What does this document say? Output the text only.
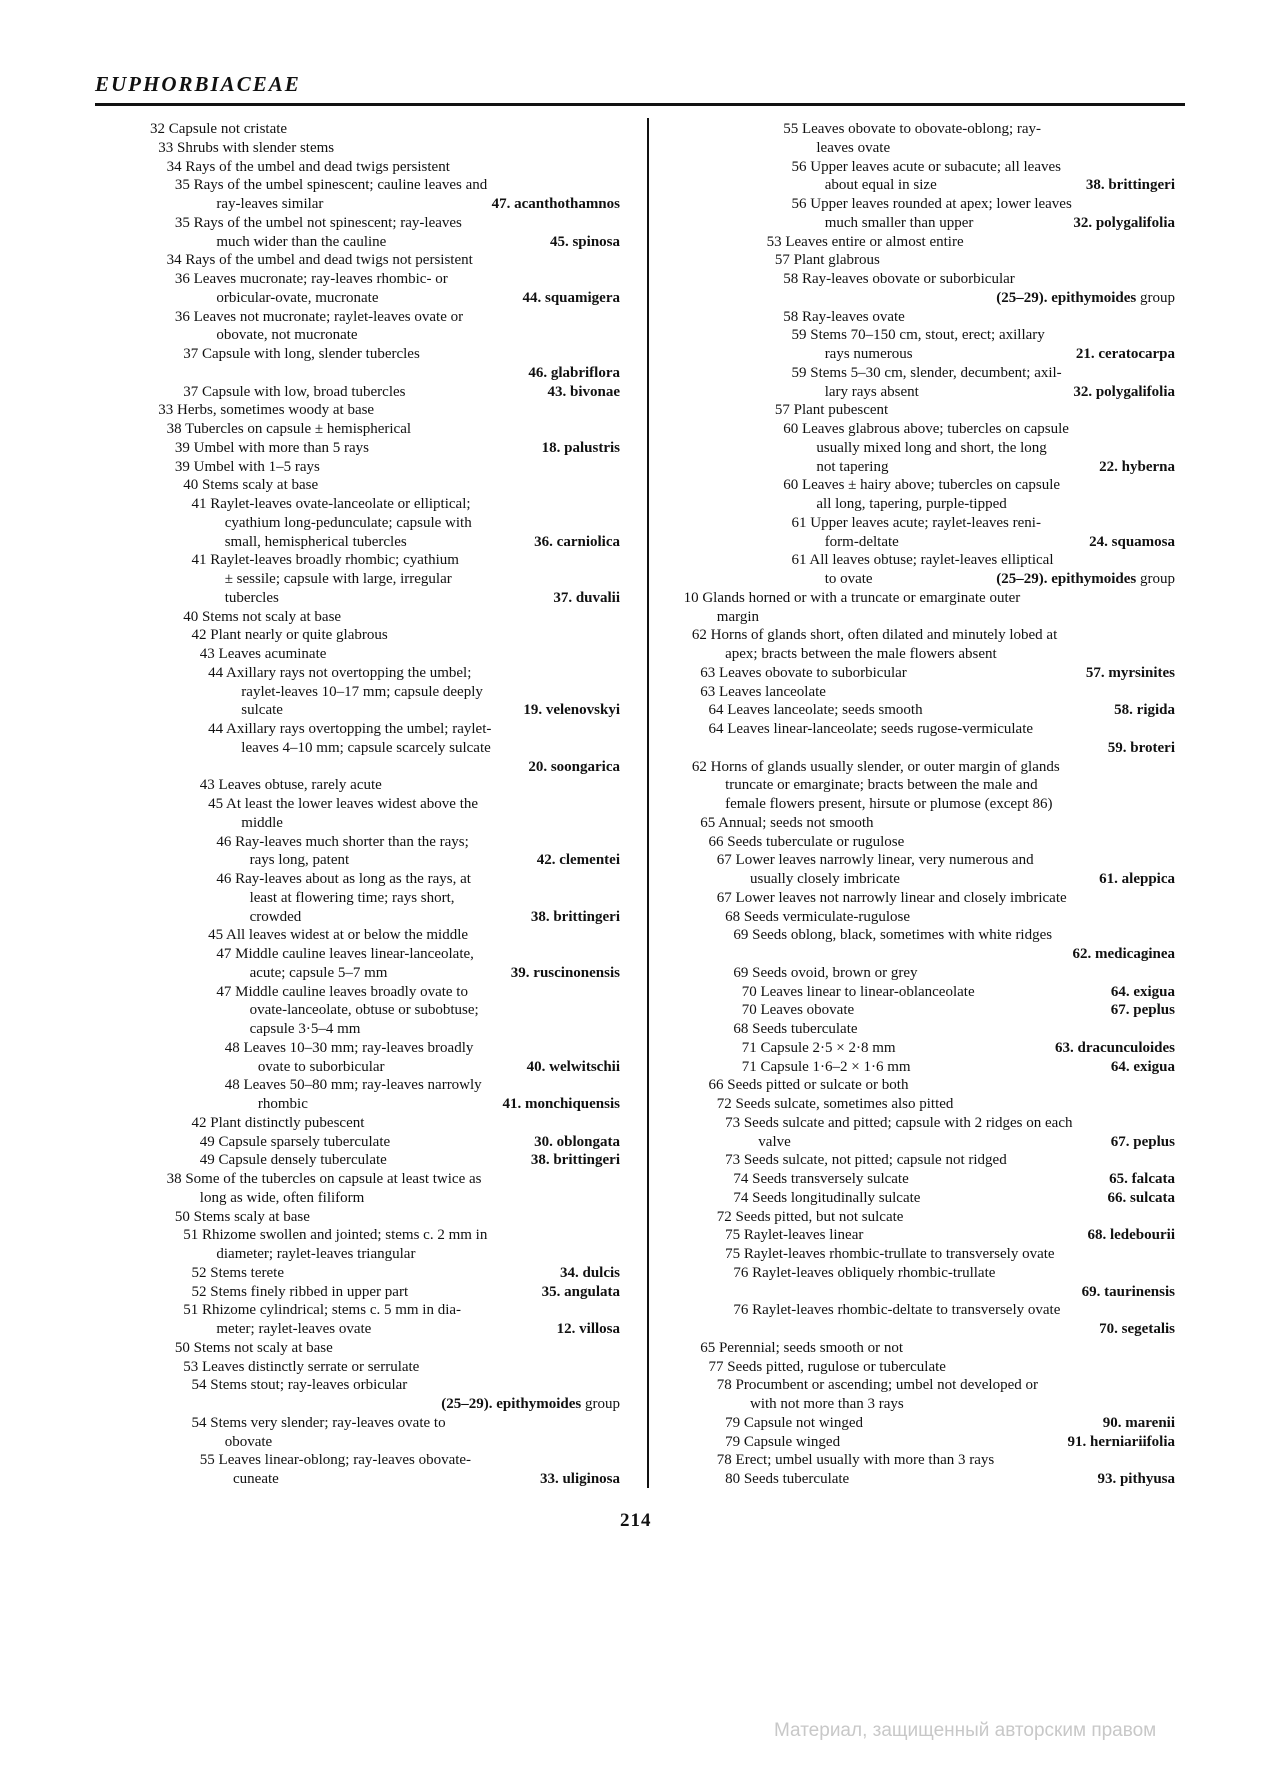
EUPHORBIACEAE
32 Capsule not cristate
33 Shrubs with slender stems
34 Rays of the umbel and dead twigs persistent
35 Rays of the umbel spinescent; cauline leaves and
ray-leaves similar	47. acanthothamnos
35 Rays of the umbel not spinescent; ray-leaves
much wider than the cauline	45. spinosa
34 Rays of the umbel and dead twigs not persistent
36 Leaves mucronate; ray-leaves rhombic- or
orbicular-ovate, mucronate	44. squamigera
36 Leaves not mucronate; raylet-leaves ovate or
obovate, not mucronate
37 Capsule with long, slender tubercles
46. glabriflora
37 Capsule with low, broad tubercles	43. bivonae
33 Herbs, sometimes woody at base
38 Tubercles on capsule ± hemispherical
39 Umbel with more than 5 rays	18. palustris
39 Umbel with 1–5 rays
40 Stems scaly at base
41 Raylet-leaves ovate-lanceolate or elliptical;
cyathium long-pedunculate; capsule with
small, hemispherical tubercles	36. carniolica
41 Raylet-leaves broadly rhombic; cyathium
± sessile; capsule with large, irregular
tubercles	37. duvalii
40 Stems not scaly at base
42 Plant nearly or quite glabrous
43 Leaves acuminate
44 Axillary rays not overtopping the umbel;
raylet-leaves 10–17 mm; capsule deeply
sulcate	19. velenovskyi
44 Axillary rays overtopping the umbel; raylet-
leaves 4–10 mm; capsule scarcely sulcate
20. soongarica
43 Leaves obtuse, rarely acute
45 At least the lower leaves widest above the
middle
46 Ray-leaves much shorter than the rays;
rays long, patent	42. clementei
46 Ray-leaves about as long as the rays, at
least at flowering time; rays short,
crowded	38. brittingeri
45 All leaves widest at or below the middle
47 Middle cauline leaves linear-lanceolate,
acute; capsule 5–7 mm	39. ruscinonensis
47 Middle cauline leaves broadly ovate to
ovate-lanceolate, obtuse or subobtuse;
capsule 3·5–4 mm
48 Leaves 10–30 mm; ray-leaves broadly
ovate to suborbicular	40. welwitschii
48 Leaves 50–80 mm; ray-leaves narrowly
rhombic	41. monchiquensis
42 Plant distinctly pubescent
49 Capsule sparsely tuberculate	30. oblongata
49 Capsule densely tuberculate	38. brittingeri
38 Some of the tubercles on capsule at least twice as
long as wide, often filiform
50 Stems scaly at base
51 Rhizome swollen and jointed; stems c. 2 mm in
diameter; raylet-leaves triangular
52 Stems terete	34. dulcis
52 Stems finely ribbed in upper part	35. angulata
51 Rhizome cylindrical; stems c. 5 mm in dia-
meter; raylet-leaves ovate	12. villosa
50 Stems not scaly at base
53 Leaves distinctly serrate or serrulate
54 Stems stout; ray-leaves orbicular
(25–29). epithymoides group
54 Stems very slender; ray-leaves ovate to
obovate
55 Leaves linear-oblong; ray-leaves obovate-
cuneate	33. uliginosa
55 Leaves obovate to obovate-oblong; ray-
leaves ovate
56 Upper leaves acute or subacute; all leaves
about equal in size	38. brittingeri
56 Upper leaves rounded at apex; lower leaves
much smaller than upper	32. polygalifolia
53 Leaves entire or almost entire
57 Plant glabrous
58 Ray-leaves obovate or suborbicular
(25–29). epithymoides group
58 Ray-leaves ovate
59 Stems 70–150 cm, stout, erect; axillary
rays numerous	21. ceratocarpa
59 Stems 5–30 cm, slender, decumbent; axil-
lary rays absent	32. polygalifolia
57 Plant pubescent
60 Leaves glabrous above; tubercles on capsule
usually mixed long and short, the long
not tapering	22. hyberna
60 Leaves ± hairy above; tubercles on capsule
all long, tapering, purple-tipped
61 Upper leaves acute; raylet-leaves reni-
form-deltate	24. squamosa
61 All leaves obtuse; raylet-leaves elliptical
to ovate	(25–29). epithymoides group
10 Glands horned or with a truncate or emarginate outer
margin
62 Horns of glands short, often dilated and minutely lobed at
apex; bracts between the male flowers absent
63 Leaves obovate to suborbicular	57. myrsinites
63 Leaves lanceolate
64 Leaves lanceolate; seeds smooth	58. rigida
64 Leaves linear-lanceolate; seeds rugose-vermiculate
59. broteri
62 Horns of glands usually slender, or outer margin of glands
truncate or emarginate; bracts between the male and
female flowers present, hirsute or plumose (except 86)
65 Annual; seeds not smooth
66 Seeds tuberculate or rugulose
67 Lower leaves narrowly linear, very numerous and
usually closely imbricate	61. aleppica
67 Lower leaves not narrowly linear and closely imbricate
68 Seeds vermiculate-rugulose
69 Seeds oblong, black, sometimes with white ridges
62. medicaginea
69 Seeds ovoid, brown or grey
70 Leaves linear to linear-oblanceolate	64. exigua
70 Leaves obovate	67. peplus
68 Seeds tuberculate
71 Capsule 2·5 × 2·8 mm	63. dracunculoides
71 Capsule 1·6–2 × 1·6 mm	64. exigua
66 Seeds pitted or sulcate or both
72 Seeds sulcate, sometimes also pitted
73 Seeds sulcate and pitted; capsule with 2 ridges on each
valve	67. peplus
73 Seeds sulcate, not pitted; capsule not ridged
74 Seeds transversely sulcate	65. falcata
74 Seeds longitudinally sulcate	66. sulcata
72 Seeds pitted, but not sulcate
75 Raylet-leaves linear	68. ledebourii
75 Raylet-leaves rhombic-trullate to transversely ovate
76 Raylet-leaves obliquely rhombic-trullate
69. taurinensis
76 Raylet-leaves rhombic-deltate to transversely ovate
70. segetalis
65 Perennial; seeds smooth or not
77 Seeds pitted, rugulose or tuberculate
78 Procumbent or ascending; umbel not developed or
with not more than 3 rays
79 Capsule not winged	90. marenii
79 Capsule winged	91. herniariifolia
78 Erect; umbel usually with more than 3 rays
80 Seeds tuberculate	93. pithyusa
214
Материал, защищенный авторским правом
